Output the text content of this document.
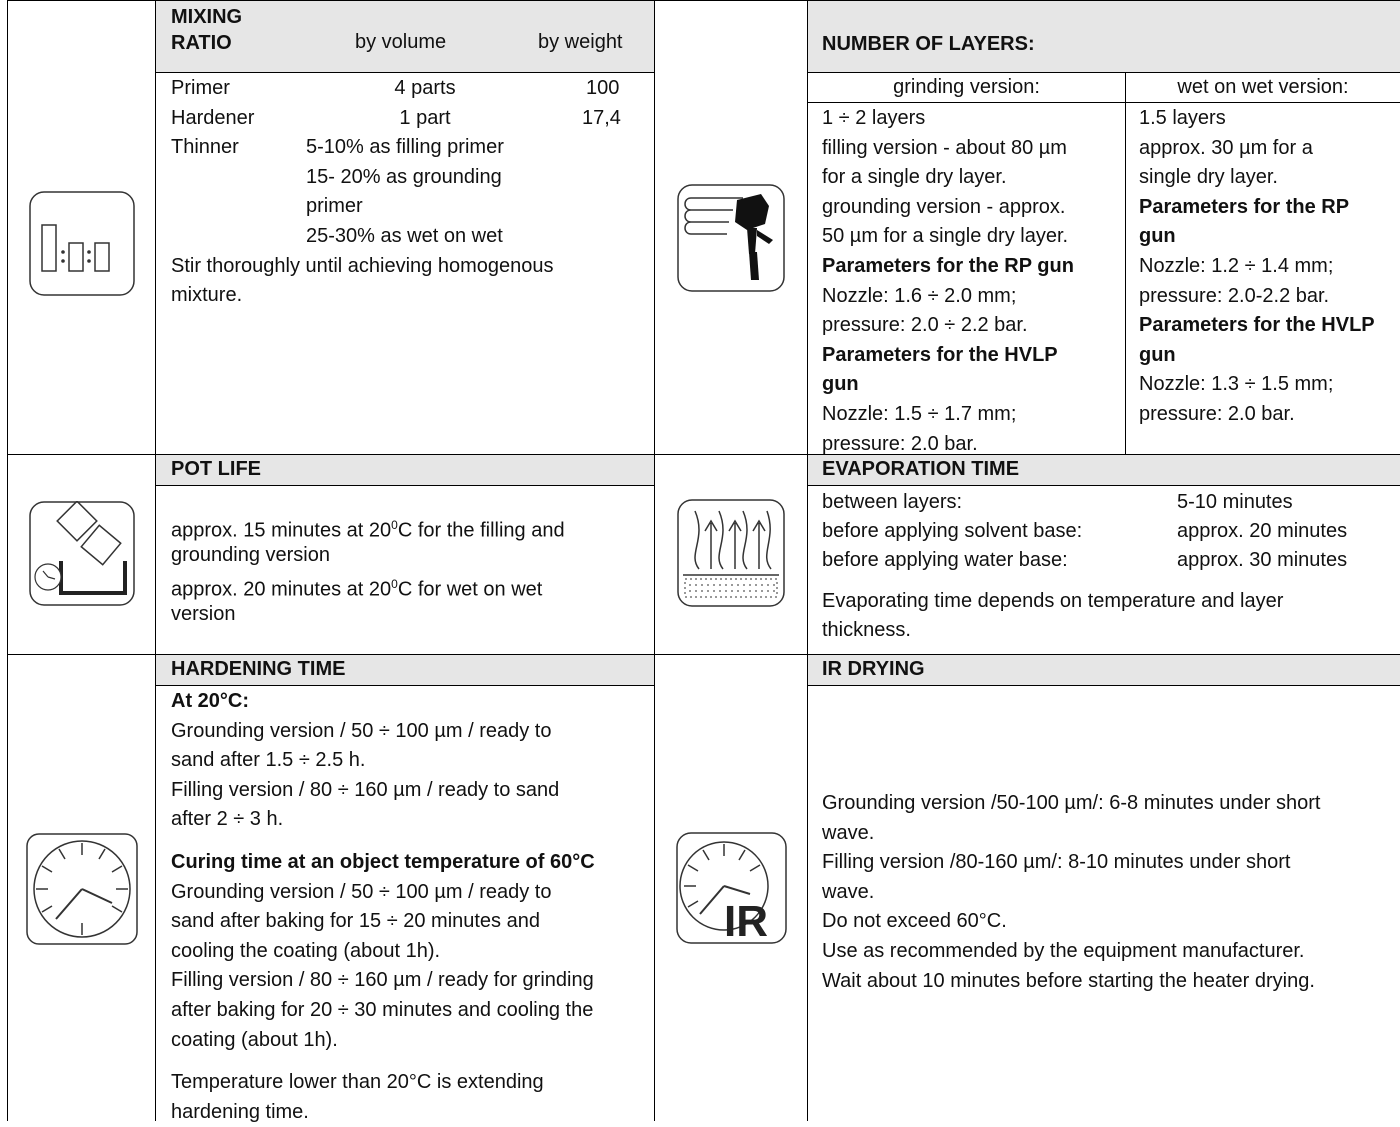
IR
MIXING
RATIO	by volume	by weight
Primer	4 parts	100
Hardener	1 part	17,4
Thinner	5-10% as filling primer
15- 20% as grounding
primer
25-30% as wet on wet
Stir thoroughly until achieving homogenous
mixture.
NUMBER OF LAYERS:
grinding version:	wet on wet version:
1 ÷ 2 layers
filling version - about 80 µm
for a single dry layer.
grounding version - approx.
50 µm for a single dry layer.
Parameters for the RP gun
Nozzle: 1.6 ÷ 2.0 mm;
pressure: 2.0 ÷ 2.2 bar.
Parameters for the HVLP
gun
Nozzle: 1.5 ÷ 1.7 mm;
pressure: 2.0 bar.
1.5 layers
approx. 30 µm for a
single dry layer.
Parameters for the RP
gun
Nozzle: 1.2 ÷ 1.4 mm;
pressure: 2.0-2.2 bar.
Parameters for the HVLP
gun
Nozzle: 1.3 ÷ 1.5 mm;
pressure: 2.0 bar.
POT LIFE
approx. 15 minutes at $20^0C$ for the filling and
grounding version
approx. 20 minutes at $20^0C$ for wet on wet
version
EVAPORATION TIME
between layers:	5-10 minutes
before applying solvent base:	approx. 20 minutes
before applying water base:	approx. 30 minutes
Evaporating time depends on temperature and layer
thickness.
HARDENING TIME
At 20°C:
Grounding version / 50 ÷ 100 µm / ready to
sand after 1.5 ÷ 2.5 h.
Filling version / 80 ÷ 160 µm / ready to sand
after 2 ÷ 3 h.
Curing time at an object temperature of 60°C
Grounding version / 50 ÷ 100 µm / ready to
sand after baking for 15 ÷ 20 minutes and
cooling the coating (about 1h).
Filling version / 80 ÷ 160 µm / ready for grinding
after baking for 20 ÷ 30 minutes and cooling the
coating (about 1h).
Temperature lower than 20°C is extending
hardening time.
IR DRYING
Grounding version /50-100 µm/: 6-8 minutes under short
wave.
Filling version /80-160 µm/: 8-10 minutes under short
wave.
Do not exceed 60°C.
Use as recommended by the equipment manufacturer.
Wait about 10 minutes before starting the heater drying.
